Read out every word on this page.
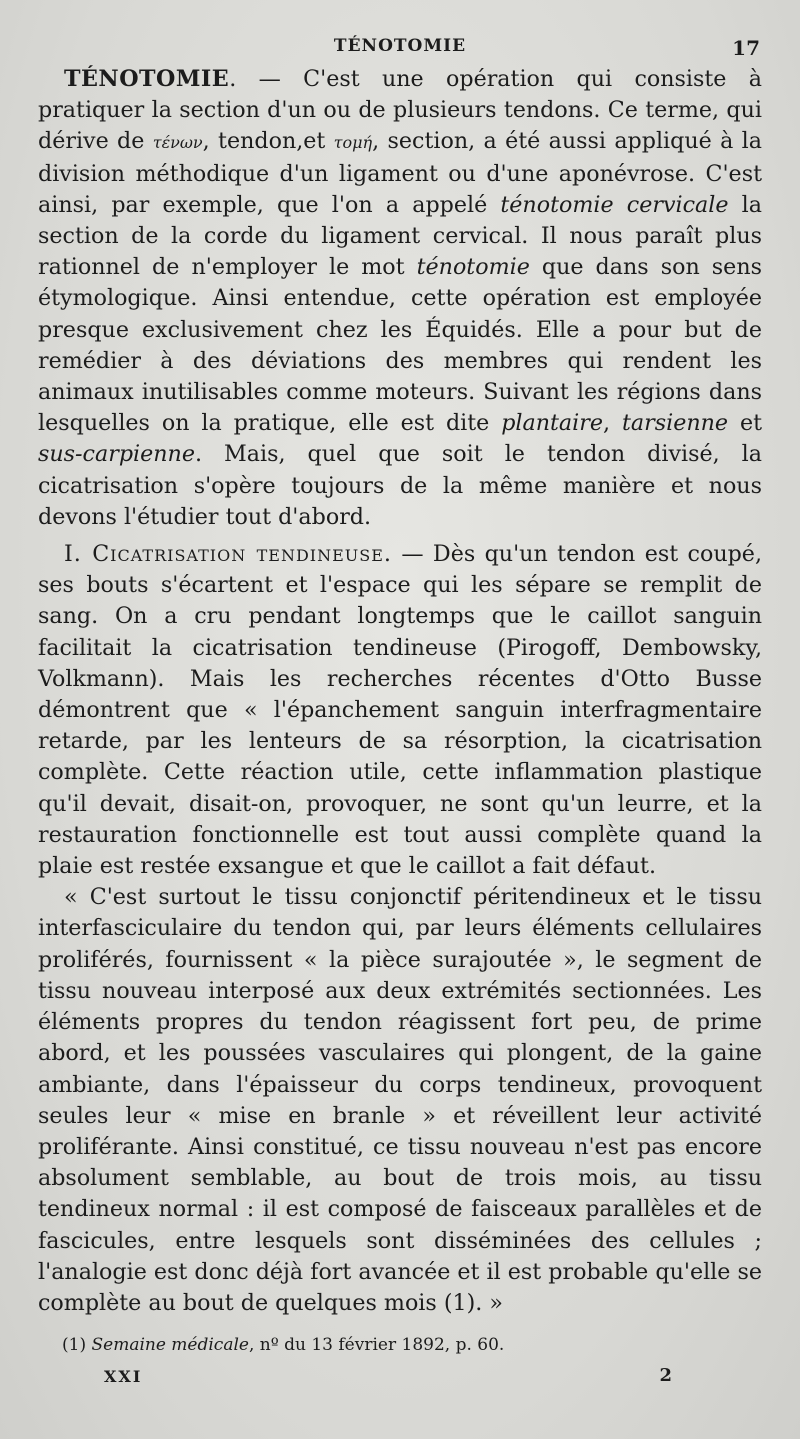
TÉNOTOMIE	17

TÉNOTOMIE. — C'est une opération qui consiste à pratiquer la section d'un ou de plusieurs tendons. Ce terme, qui dérive de τένων, tendon,et τομή, section, a été aussi appliqué à la division méthodique d'un ligament ou d'une aponévrose. C'est ainsi, par exemple, que l'on a appelé ténotomie cervicale la section de la corde du ligament cervical. Il nous paraît plus rationnel de n'employer le mot ténotomie que dans son sens étymologique. Ainsi entendue, cette opération est employée presque exclusivement chez les Équidés. Elle a pour but de remédier à des déviations des membres qui rendent les animaux inutilisables comme moteurs. Suivant les régions dans lesquelles on la pratique, elle est dite plantaire, tarsienne et sus-carpienne. Mais, quel que soit le tendon divisé, la cicatrisation s'opère toujours de la même manière et nous devons l'étudier tout d'abord.

I. Cicatrisation tendineuse. — Dès qu'un tendon est coupé, ses bouts s'écartent et l'espace qui les sépare se remplit de sang. On a cru pendant longtemps que le caillot sanguin facilitait la cicatrisation tendineuse (Pirogoff, Dembowsky, Volkmann). Mais les recherches récentes d'Otto Busse démontrent que « l'épanchement sanguin interfragmentaire retarde, par les lenteurs de sa résorption, la cicatrisation complète. Cette réaction utile, cette inflammation plastique qu'il devait, disait-on, provoquer, ne sont qu'un leurre, et la restauration fonctionnelle est tout aussi complète quand la plaie est restée exsangue et que le caillot a fait défaut.

« C'est surtout le tissu conjonctif péritendineux et le tissu interfasciculaire du tendon qui, par leurs éléments cellulaires proliférés, fournissent « la pièce surajoutée », le segment de tissu nouveau interposé aux deux extrémités sectionnées. Les éléments propres du tendon réagissent fort peu, de prime abord, et les poussées vasculaires qui plongent, de la gaine ambiante, dans l'épaisseur du corps tendineux, provoquent seules leur « mise en branle » et réveillent leur activité proliférante. Ainsi constitué, ce tissu nouveau n'est pas encore absolument semblable, au bout de trois mois, au tissu tendineux normal : il est composé de faisceaux parallèles et de fascicules, entre lesquels sont disséminées des cellules ; l'analogie est donc déjà fort avancée et il est probable qu'elle se complète au bout de quelques mois (1). »

(1) Semaine médicale, nº du 13 février 1892, p. 60.
XXI	2
